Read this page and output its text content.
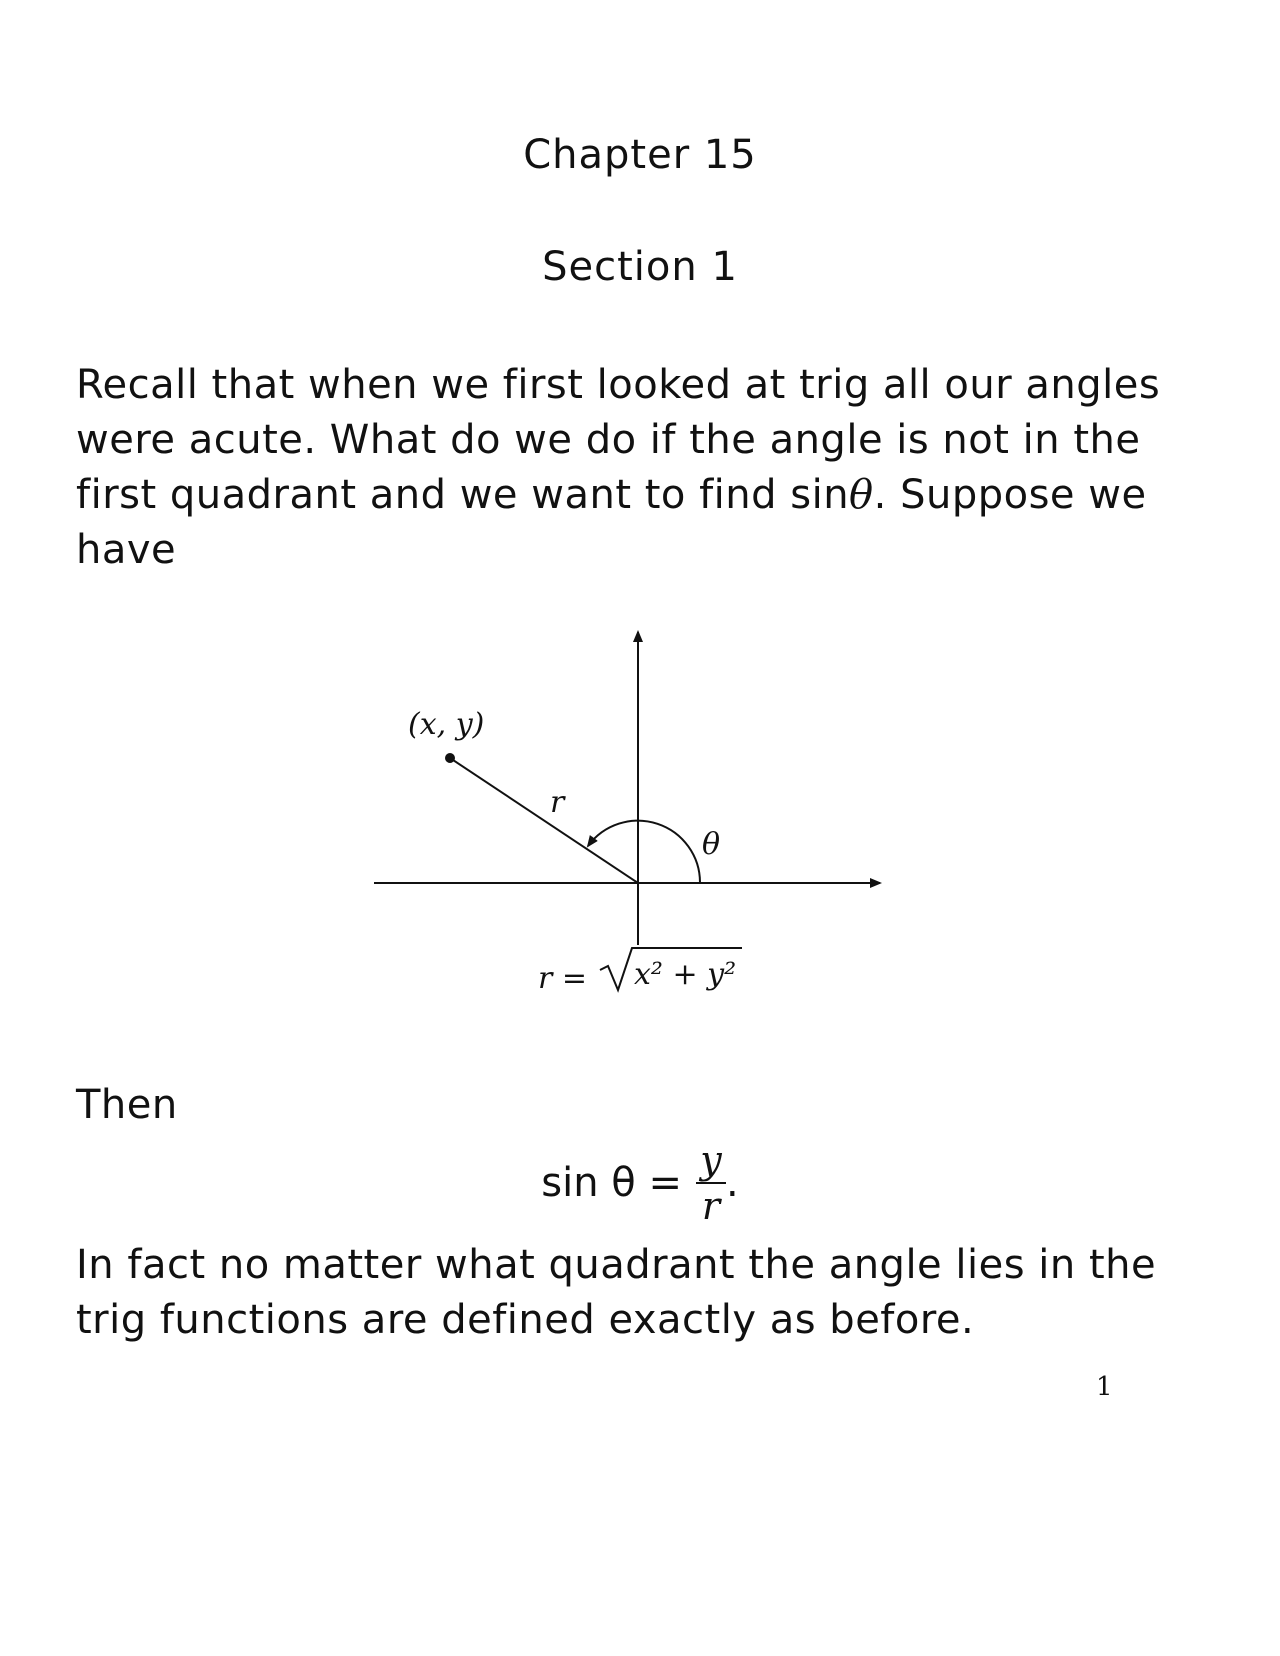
Chapter 15
Section 1
Recall that when we first looked at trig all our angles
were acute. What do we do if the angle is not in the
first quadrant and we want to find sinθ. Suppose we
have
(x, y)
r
θ
r = x² + y²
Then
$\sin \theta = \frac{y}{r}$ .
In fact no matter what quadrant the angle lies in the
trig functions are defined exactly as before.
1
